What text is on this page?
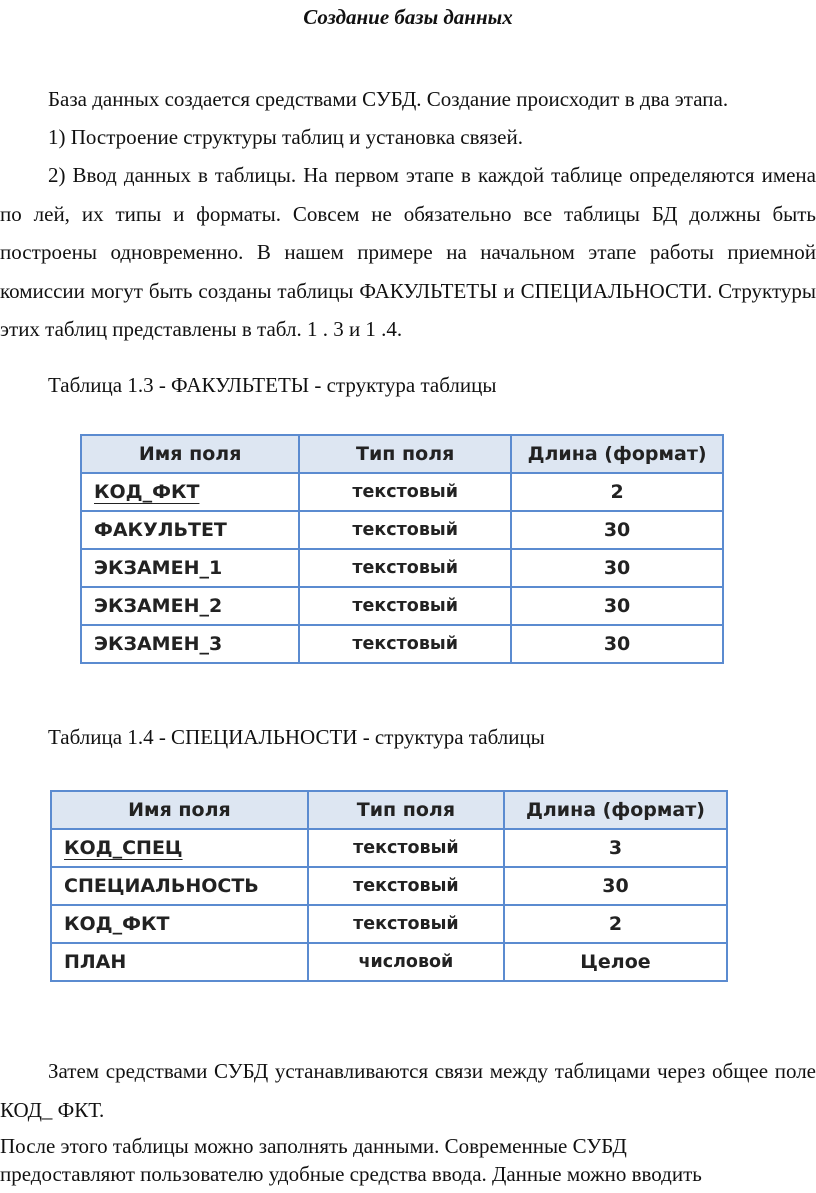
Создание базы данных

База данных создается средствами СУБД. Создание происходит в два этапа.

1) Построение структуры таблиц и установка связей.

2) Ввод данных в таблицы. На первом этапе в каждой таблице определяются имена по лей, их типы и форматы. Совсем не обязательно все таблицы БД должны быть построены одновременно. В нашем примере на начальном этапе работы приемной комиссии могут быть созданы таблицы ФАКУЛЬТЕТЫ и СПЕЦИАЛЬНОСТИ. Структуры этих таблиц представлены в табл. 1 . 3 и 1 .4.

Таблица 1.3 - ФАКУЛЬТЕТЫ - структура таблицы
Имя поля	Тип поля	Длина (формат)
КОД_ФКТ	текстовый	2
ФАКУЛЬТЕТ	текстовый	30
ЭКЗАМЕН_1	текстовый	30
ЭКЗАМЕН_2	текстовый	30
ЭКЗАМЕН_3	текстовый	30
Таблица 1.4 - СПЕЦИАЛЬНОСТИ - структура таблицы
Имя поля	Тип поля	Длина (формат)
КОД_СПЕЦ	текстовый	3
СПЕЦИАЛЬНОСТЬ	текстовый	30
КОД_ФКТ	текстовый	2
ПЛАН	числовой	Целое

Затем средствами СУБД устанавливаются связи между таблицами через общее поле КОД_ ФКТ.

После этого таблицы можно заполнять данными. Современные СУБД
предоставляют пользователю удобные средства ввода. Данные можно вводить
